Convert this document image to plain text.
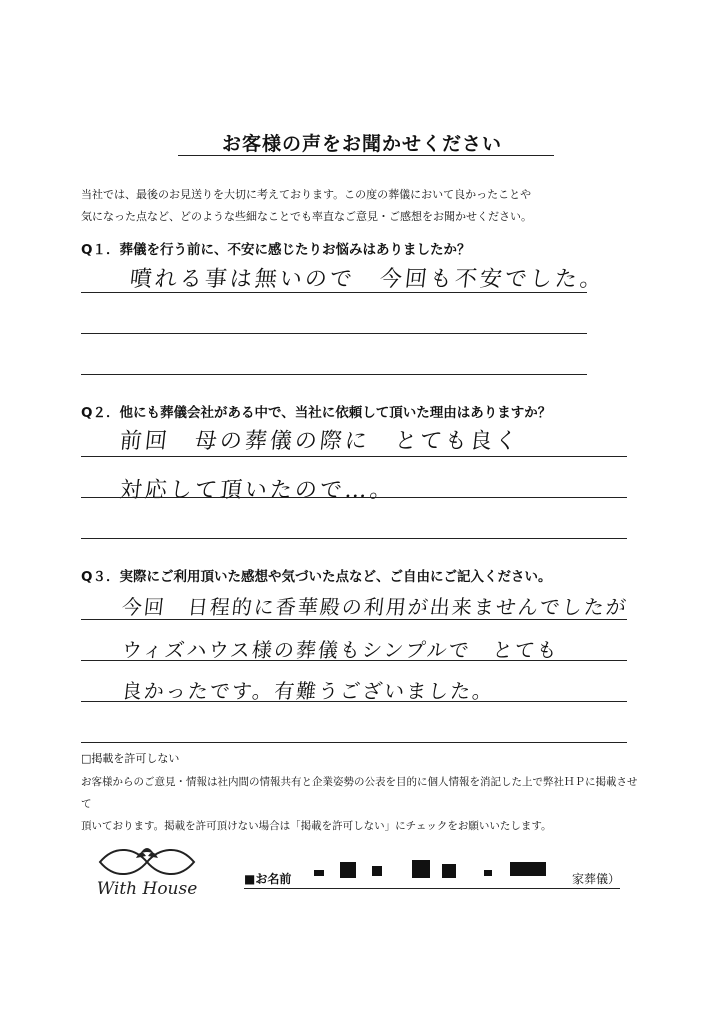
お客様の声をお聞かせください
当社では、最後のお見送りを大切に考えております。この度の葬儀において良かったことや
気になった点など、どのような些細なことでも率直なご意見・ご感想をお聞かせください。
Q１．葬儀を行う前に、不安に感じたりお悩みはありましたか？
噴れる事は無いので　今回も不安でした。
Q２．他にも葬儀会社がある中で、当社に依頼して頂いた理由はありますか？
前回　母の葬儀の際に　とても良く
対応して頂いたので…。
Q３．実際にご利用頂いた感想や気づいた点など、ご自由にご記入ください。
今回　日程的に香華殿の利用が出来ませんでしたが
ウィズハウス様の葬儀もシンプルで　とても
良かったです。有難うございました。
□掲載を許可しない
お客様からのご意見・情報は社内間の情報共有と企業姿勢の公表を目的に個人情報を消記した上で弊社ＨＰに掲載させて
頂いております。掲載を許可頂けない場合は「掲載を許可しない」にチェックをお願いいたします。
With House	■お名前	家葬儀）
